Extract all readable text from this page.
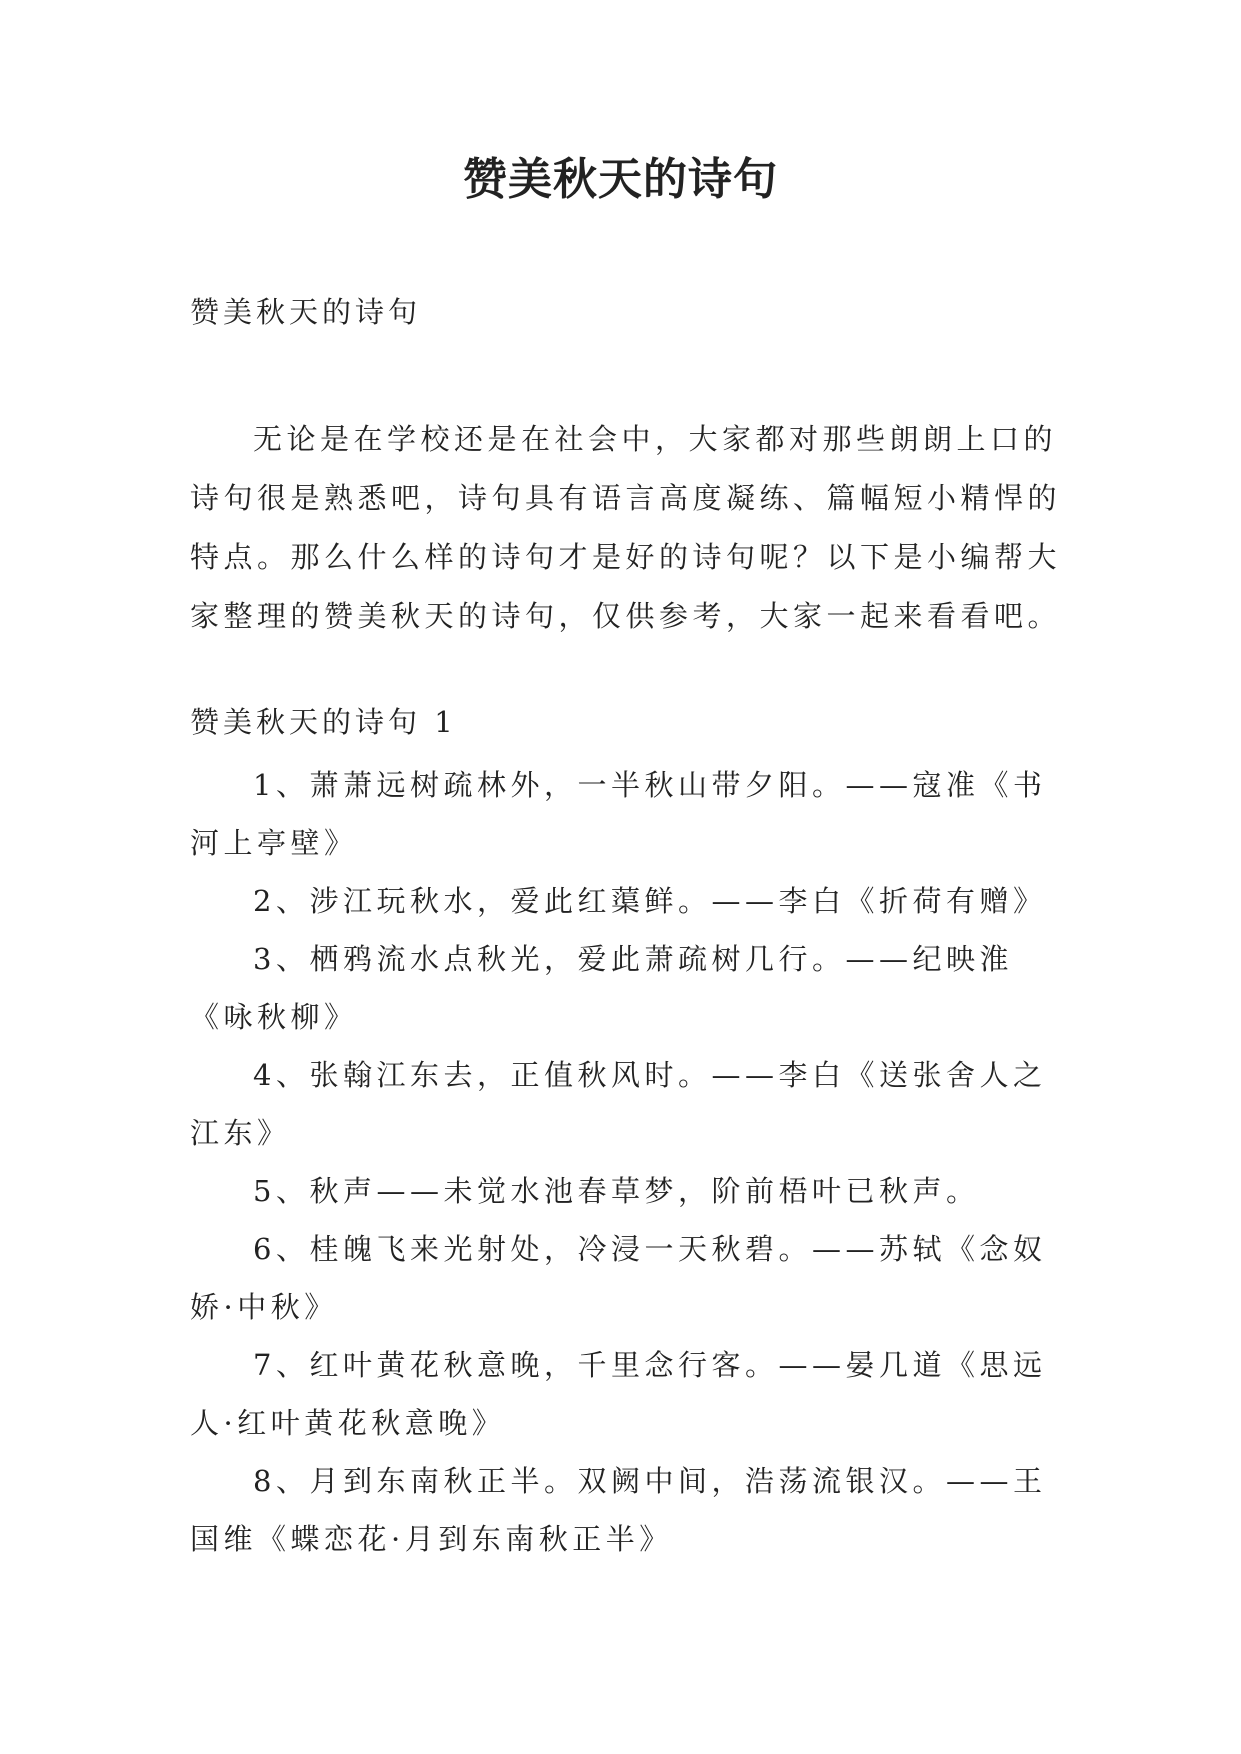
赞美秋天的诗句
赞美秋天的诗句

无论是在学校还是在社会中，大家都对那些朗朗上口的诗句很是熟悉吧，诗句具有语言高度凝练、篇幅短小精悍的特点。那么什么样的诗句才是好的诗句呢？以下是小编帮大家整理的赞美秋天的诗句，仅供参考，大家一起来看看吧。

赞美秋天的诗句 1
1、萧萧远树疏林外，一半秋山带夕阳。——寇准《书河上亭壁》
2、涉江玩秋水，爱此红蕖鲜。——李白《折荷有赠》
3、栖鸦流水点秋光，爱此萧疏树几行。——纪映淮《咏秋柳》
4、张翰江东去，正值秋风时。——李白《送张舍人之江东》
5、秋声——未觉水池春草梦，阶前梧叶已秋声。
6、桂魄飞来光射处，冷浸一天秋碧。——苏轼《念奴娇·中秋》
7、红叶黄花秋意晚，千里念行客。——晏几道《思远人·红叶黄花秋意晚》
8、月到东南秋正半。双阙中间，浩荡流银汉。——王国维《蝶恋花·月到东南秋正半》
